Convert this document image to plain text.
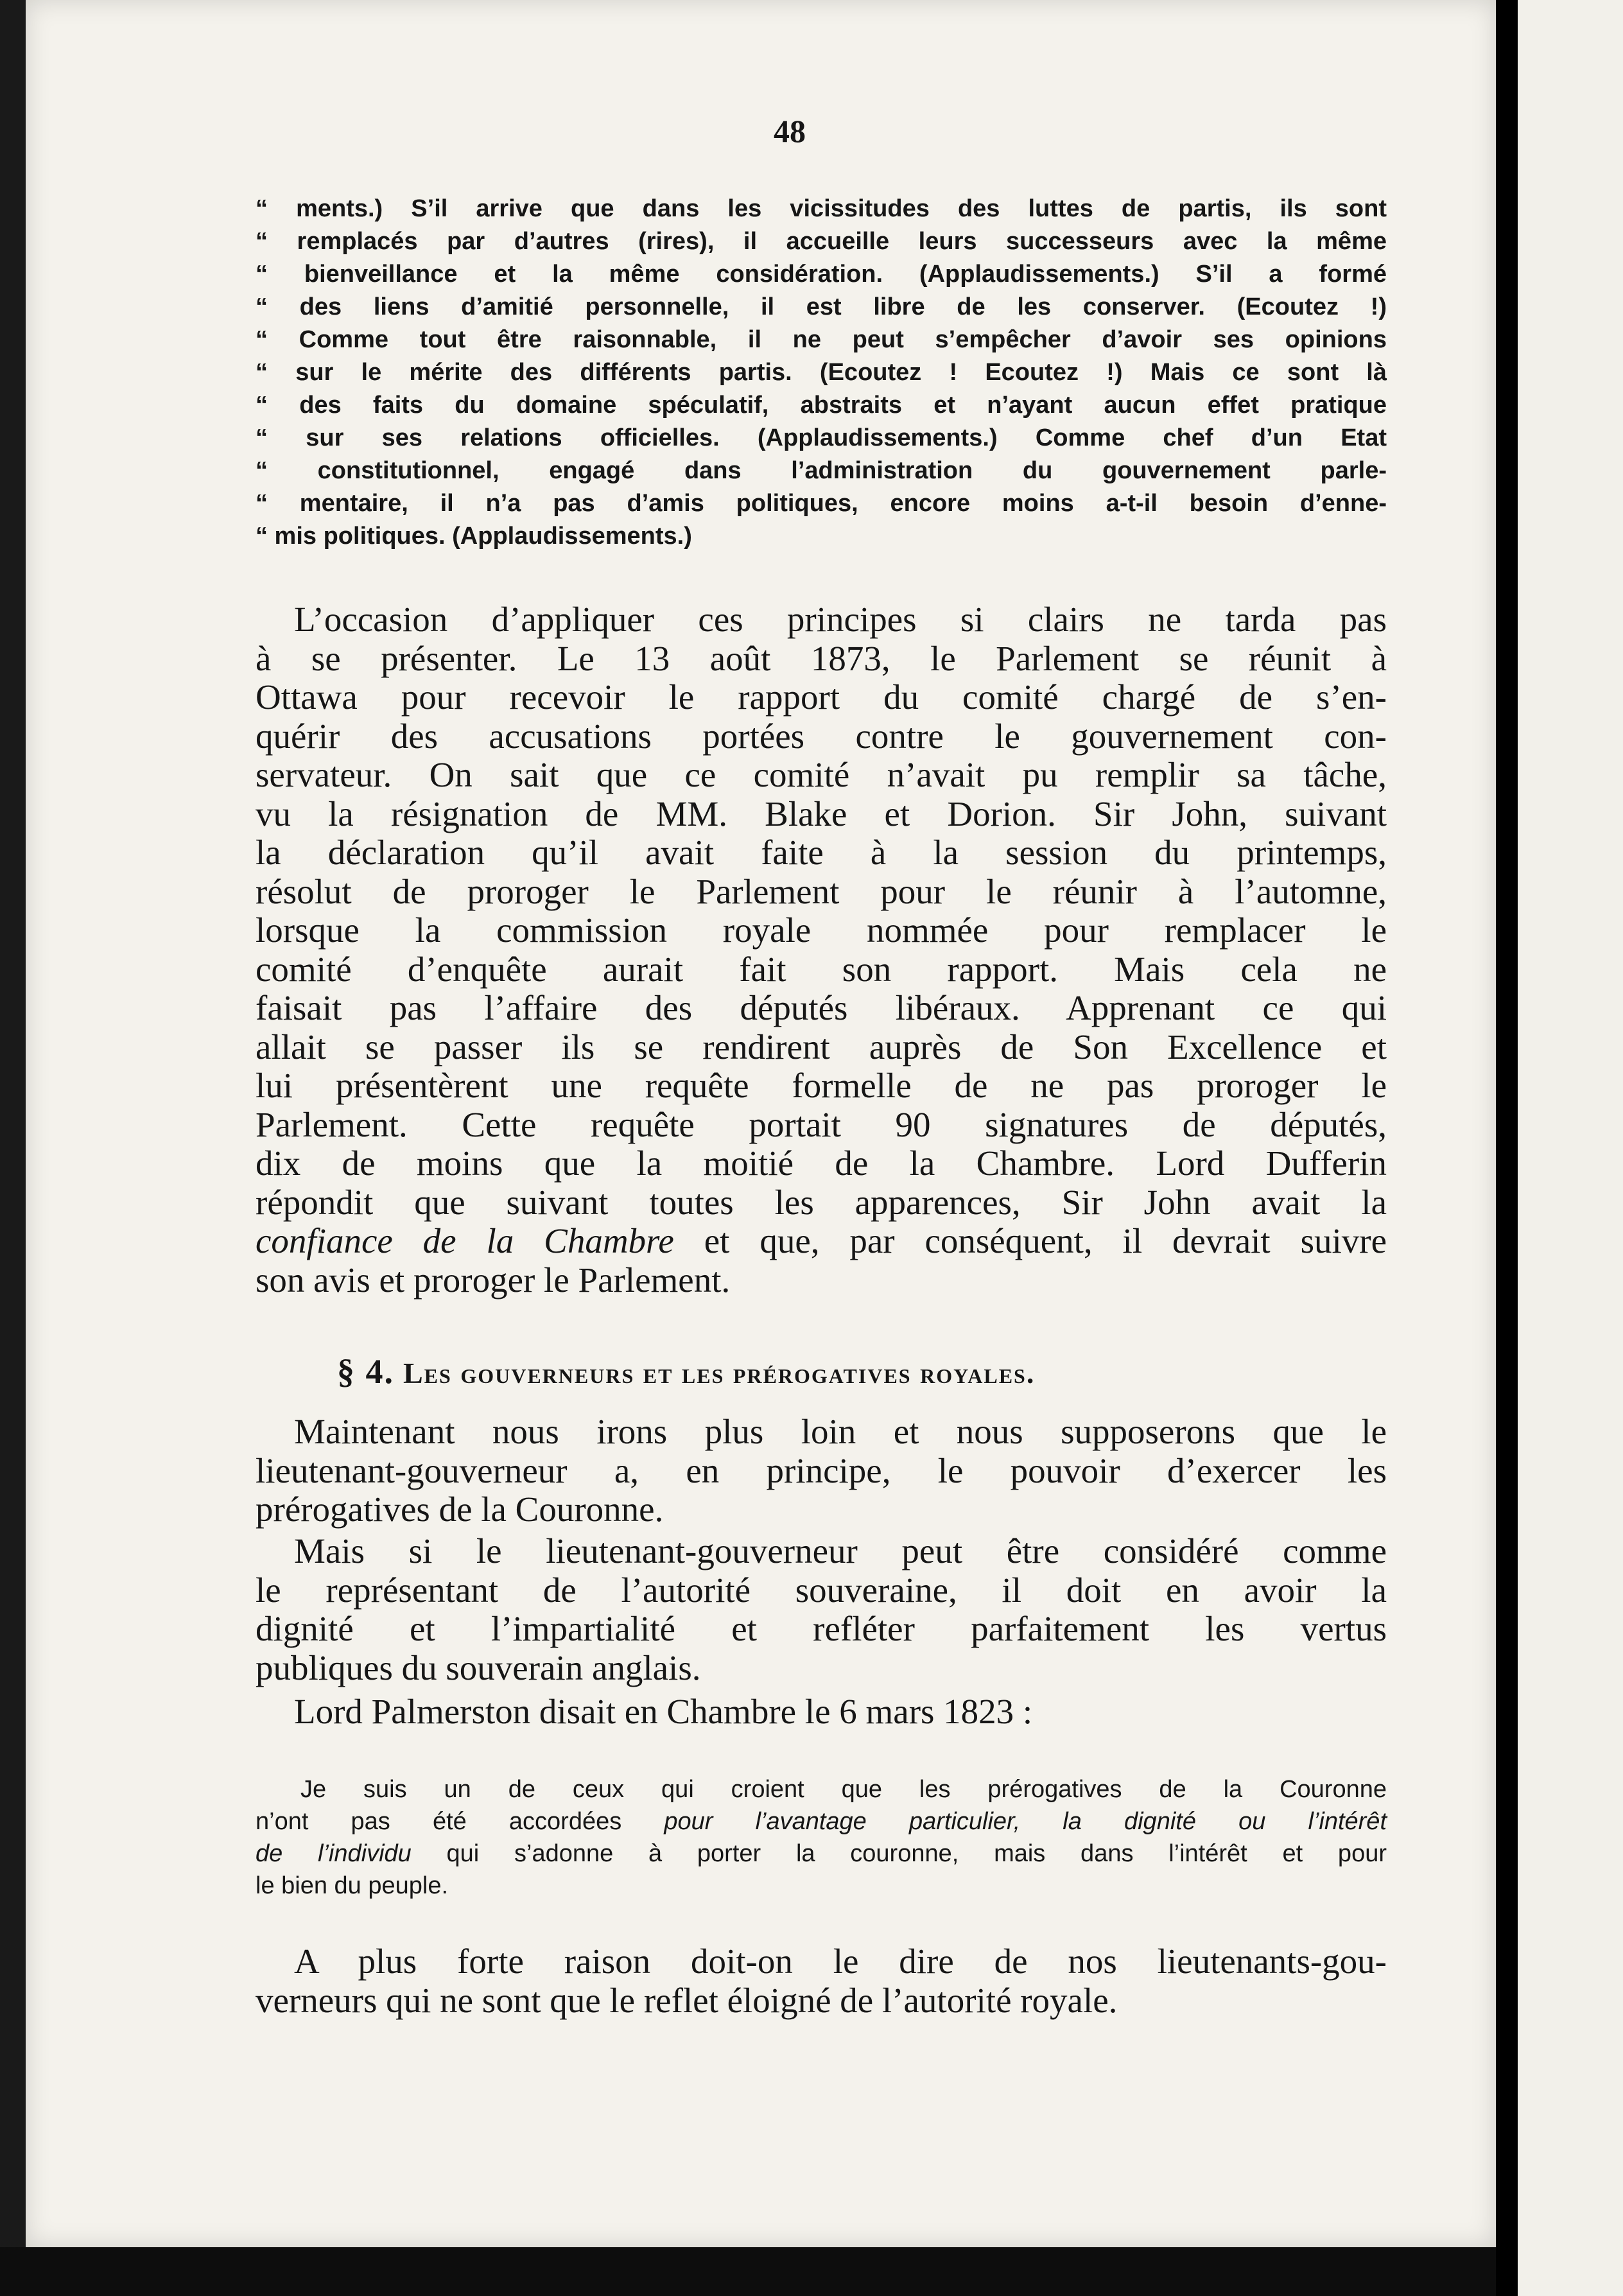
48
“ ments.) S’il arrive que dans les vicissitudes des luttes de partis, ils sont
“ remplacés par d’autres (rires), il accueille leurs successeurs avec la même
“ bienveillance et la même considération. (Applaudissements.) S’il a formé
“ des liens d’amitié personnelle, il est libre de les conserver. (Ecoutez !)
“ Comme tout être raisonnable, il ne peut s’empêcher d’avoir ses opinions
“ sur le mérite des différents partis. (Ecoutez ! Ecoutez !) Mais ce sont là
“ des faits du domaine spéculatif, abstraits et n’ayant aucun effet pratique
“ sur ses relations officielles. (Applaudissements.) Comme chef d’un Etat
“ constitutionnel, engagé dans l’administration du gouvernement parle-
“ mentaire, il n’a pas d’amis politiques, encore moins a-t-il besoin d’enne-
“ mis politiques. (Applaudissements.)
L’occasion d’appliquer ces principes si clairs ne tarda pas
à se présenter. Le 13 août 1873, le Parlement se réunit à
Ottawa pour recevoir le rapport du comité chargé de s’en-
quérir des accusations portées contre le gouvernement con-
servateur. On sait que ce comité n’avait pu remplir sa tâche,
vu la résignation de MM. Blake et Dorion. Sir John, suivant
la déclaration qu’il avait faite à la session du printemps,
résolut de proroger le Parlement pour le réunir à l’automne,
lorsque la commission royale nommée pour remplacer le
comité d’enquête aurait fait son rapport. Mais cela ne
faisait pas l’affaire des députés libéraux. Apprenant ce qui
allait se passer ils se rendirent auprès de Son Excellence et
lui présentèrent une requête formelle de ne pas proroger le
Parlement. Cette requête portait 90 signatures de députés,
dix de moins que la moitié de la Chambre. Lord Dufferin
répondit que suivant toutes les apparences, Sir John avait la
confiance de la Chambre et que, par conséquent, il devrait suivre
son avis et proroger le Parlement.
§ 4. Les gouverneurs et les prérogatives royales.
Maintenant nous irons plus loin et nous supposerons que le
lieutenant-gouverneur a, en principe, le pouvoir d’exercer les
prérogatives de la Couronne.
Mais si le lieutenant-gouverneur peut être considéré comme
le représentant de l’autorité souveraine, il doit en avoir la
dignité et l’impartialité et refléter parfaitement les vertus
publiques du souverain anglais.
Lord Palmerston disait en Chambre le 6 mars 1823 :
Je suis un de ceux qui croient que les prérogatives de la Couronne
n’ont pas été accordées pour l’avantage particulier, la dignité ou l’intérêt
de l’individu qui s’adonne à porter la couronne, mais dans l’intérêt et pour
le bien du peuple.
A plus forte raison doit-on le dire de nos lieutenants-gou-
verneurs qui ne sont que le reflet éloigné de l’autorité royale.
